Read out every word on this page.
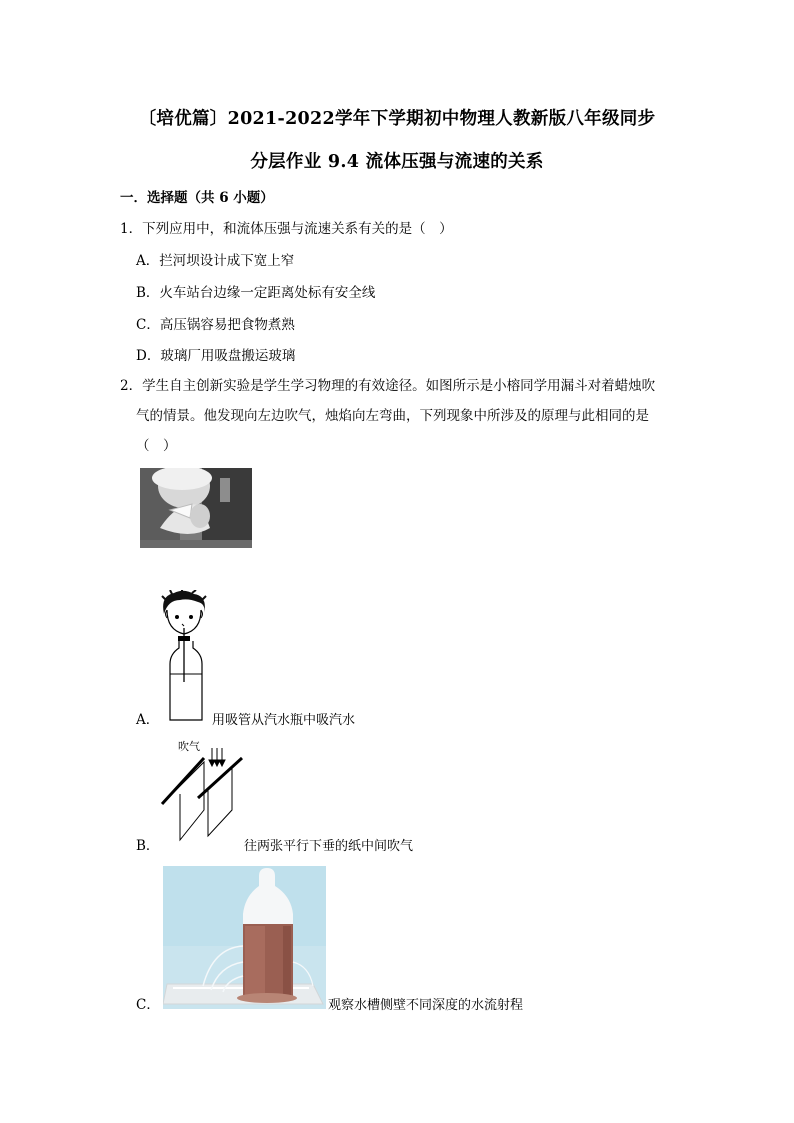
〔培优篇〕2021-2022学年下学期初中物理人教新版八年级同步
分层作业 9.4 流体压强与流速的关系
一．选择题（共 6 小题）
1．下列应用中，和流体压强与流速关系有关的是（　）
A．拦河坝设计成下宽上窄
B．火车站台边缘一定距离处标有安全线
C．高压锅容易把食物煮熟
D．玻璃厂用吸盘搬运玻璃
2．学生自主创新实验是学生学习物理的有效途径。如图所示是小榕同学用漏斗对着蜡烛吹
气的情景。他发现向左边吹气，烛焰向左弯曲，下列现象中所涉及的原理与此相同的是
（　）
A．	用吸管从汽水瓶中吸汽水
B．
吹气
往两张平行下垂的纸中间吹气
C．	观察水槽侧壁不同深度的水流射程
